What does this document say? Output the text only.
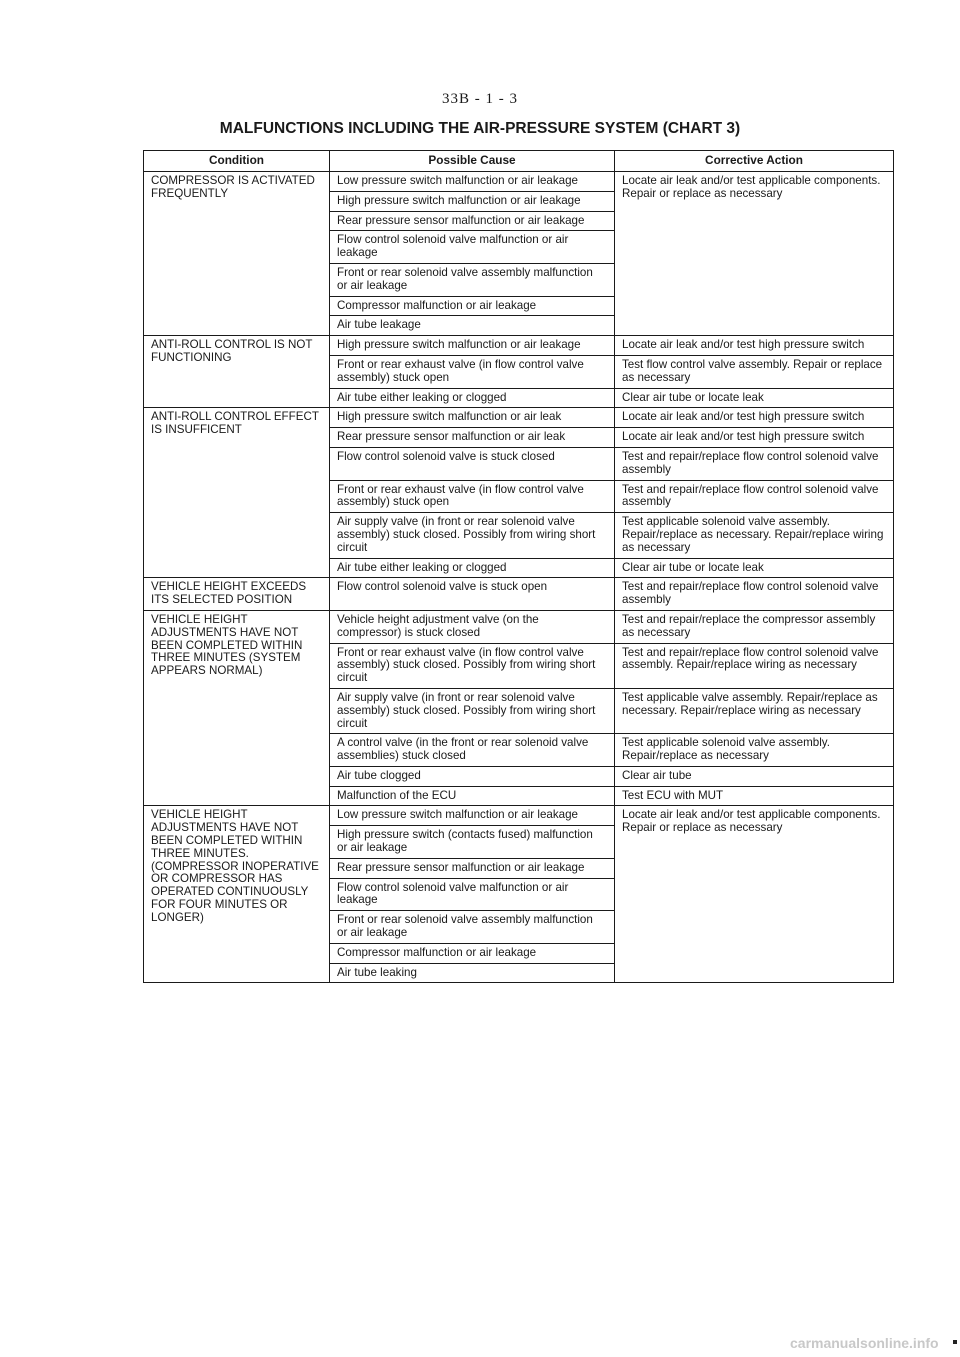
33B - 1 - 3
MALFUNCTIONS INCLUDING THE AIR-PRESSURE SYSTEM (CHART 3)
Condition	Possible Cause	Corrective Action
COMPRESSOR IS ACTIVATED FREQUENTLY	Low pressure switch malfunction or air leakage	Locate air leak and/or test applicable components. Repair or replace as necessary
	High pressure switch malfunction or air leakage	
	Rear pressure sensor malfunction or air leakage	
	Flow control solenoid valve malfunction or air leakage	
	Front or rear solenoid valve assembly malfunction or air leakage	
	Compressor malfunction or air leakage	
	Air tube leakage	
ANTI-ROLL CONTROL IS NOT FUNCTIONING	High pressure switch malfunction or air leakage	Locate air leak and/or test high pressure switch
	Front or rear exhaust valve (in flow control valve assembly) stuck open	Test flow control valve assembly. Repair or replace as necessary
	Air tube either leaking or clogged	Clear air tube or locate leak
ANTI-ROLL CONTROL EFFECT IS INSUFFICENT	High pressure switch malfunction or air leak	Locate air leak and/or test high pressure switch
	Rear pressure sensor malfunction or air leak	Locate air leak and/or test high pressure switch
	Flow control solenoid valve is stuck closed	Test and repair/replace flow control solenoid valve assembly
	Front or rear exhaust valve (in flow control valve assembly) stuck open	Test and repair/replace flow control solenoid valve assembly
	Air supply valve (in front or rear solenoid valve assembly) stuck closed. Possibly from wiring short circuit	Test applicable solenoid valve assembly. Repair/replace as necessary. Repair/replace wiring as necessary
	Air tube either leaking or clogged	Clear air tube or locate leak
VEHICLE HEIGHT EXCEEDS ITS SELECTED POSITION	Flow control solenoid valve is stuck open	Test and repair/replace flow control solenoid valve assembly
VEHICLE HEIGHT ADJUSTMENTS HAVE NOT BEEN COMPLETED WITHIN THREE MINUTES (SYSTEM APPEARS NORMAL)	Vehicle height adjustment valve (on the compressor) is stuck closed	Test and repair/replace the compressor assembly as necessary
	Front or rear exhaust valve (in flow control valve assembly) stuck closed. Possibly from wiring short circuit	Test and repair/replace flow control solenoid valve assembly. Repair/replace wiring as necessary
	Air supply valve (in front or rear solenoid valve assembly) stuck closed. Possibly from wiring short circuit	Test applicable valve assembly. Repair/replace as necessary. Repair/replace wiring as necessary
	A control valve (in the front or rear solenoid valve assemblies) stuck closed	Test applicable solenoid valve assembly. Repair/replace as necessary
	Air tube clogged	Clear air tube
	Malfunction of the ECU	Test ECU with MUT
VEHICLE HEIGHT ADJUSTMENTS HAVE NOT BEEN COMPLETED WITHIN THREE MINUTES. (COMPRESSOR INOPERATIVE OR COMPRESSOR HAS OPERATED CONTINUOUSLY FOR FOUR MINUTES OR LONGER)	Low pressure switch malfunction or air leakage	Locate air leak and/or test applicable components. Repair or replace as necessary
	High pressure switch (contacts fused) malfunction or air leakage	
	Rear pressure sensor malfunction or air leakage	
	Flow control solenoid valve malfunction or air leakage	
	Front or rear solenoid valve assembly malfunction or air leakage	
	Compressor malfunction or air leakage	
	Air tube leaking	
carmanualsonline.info
